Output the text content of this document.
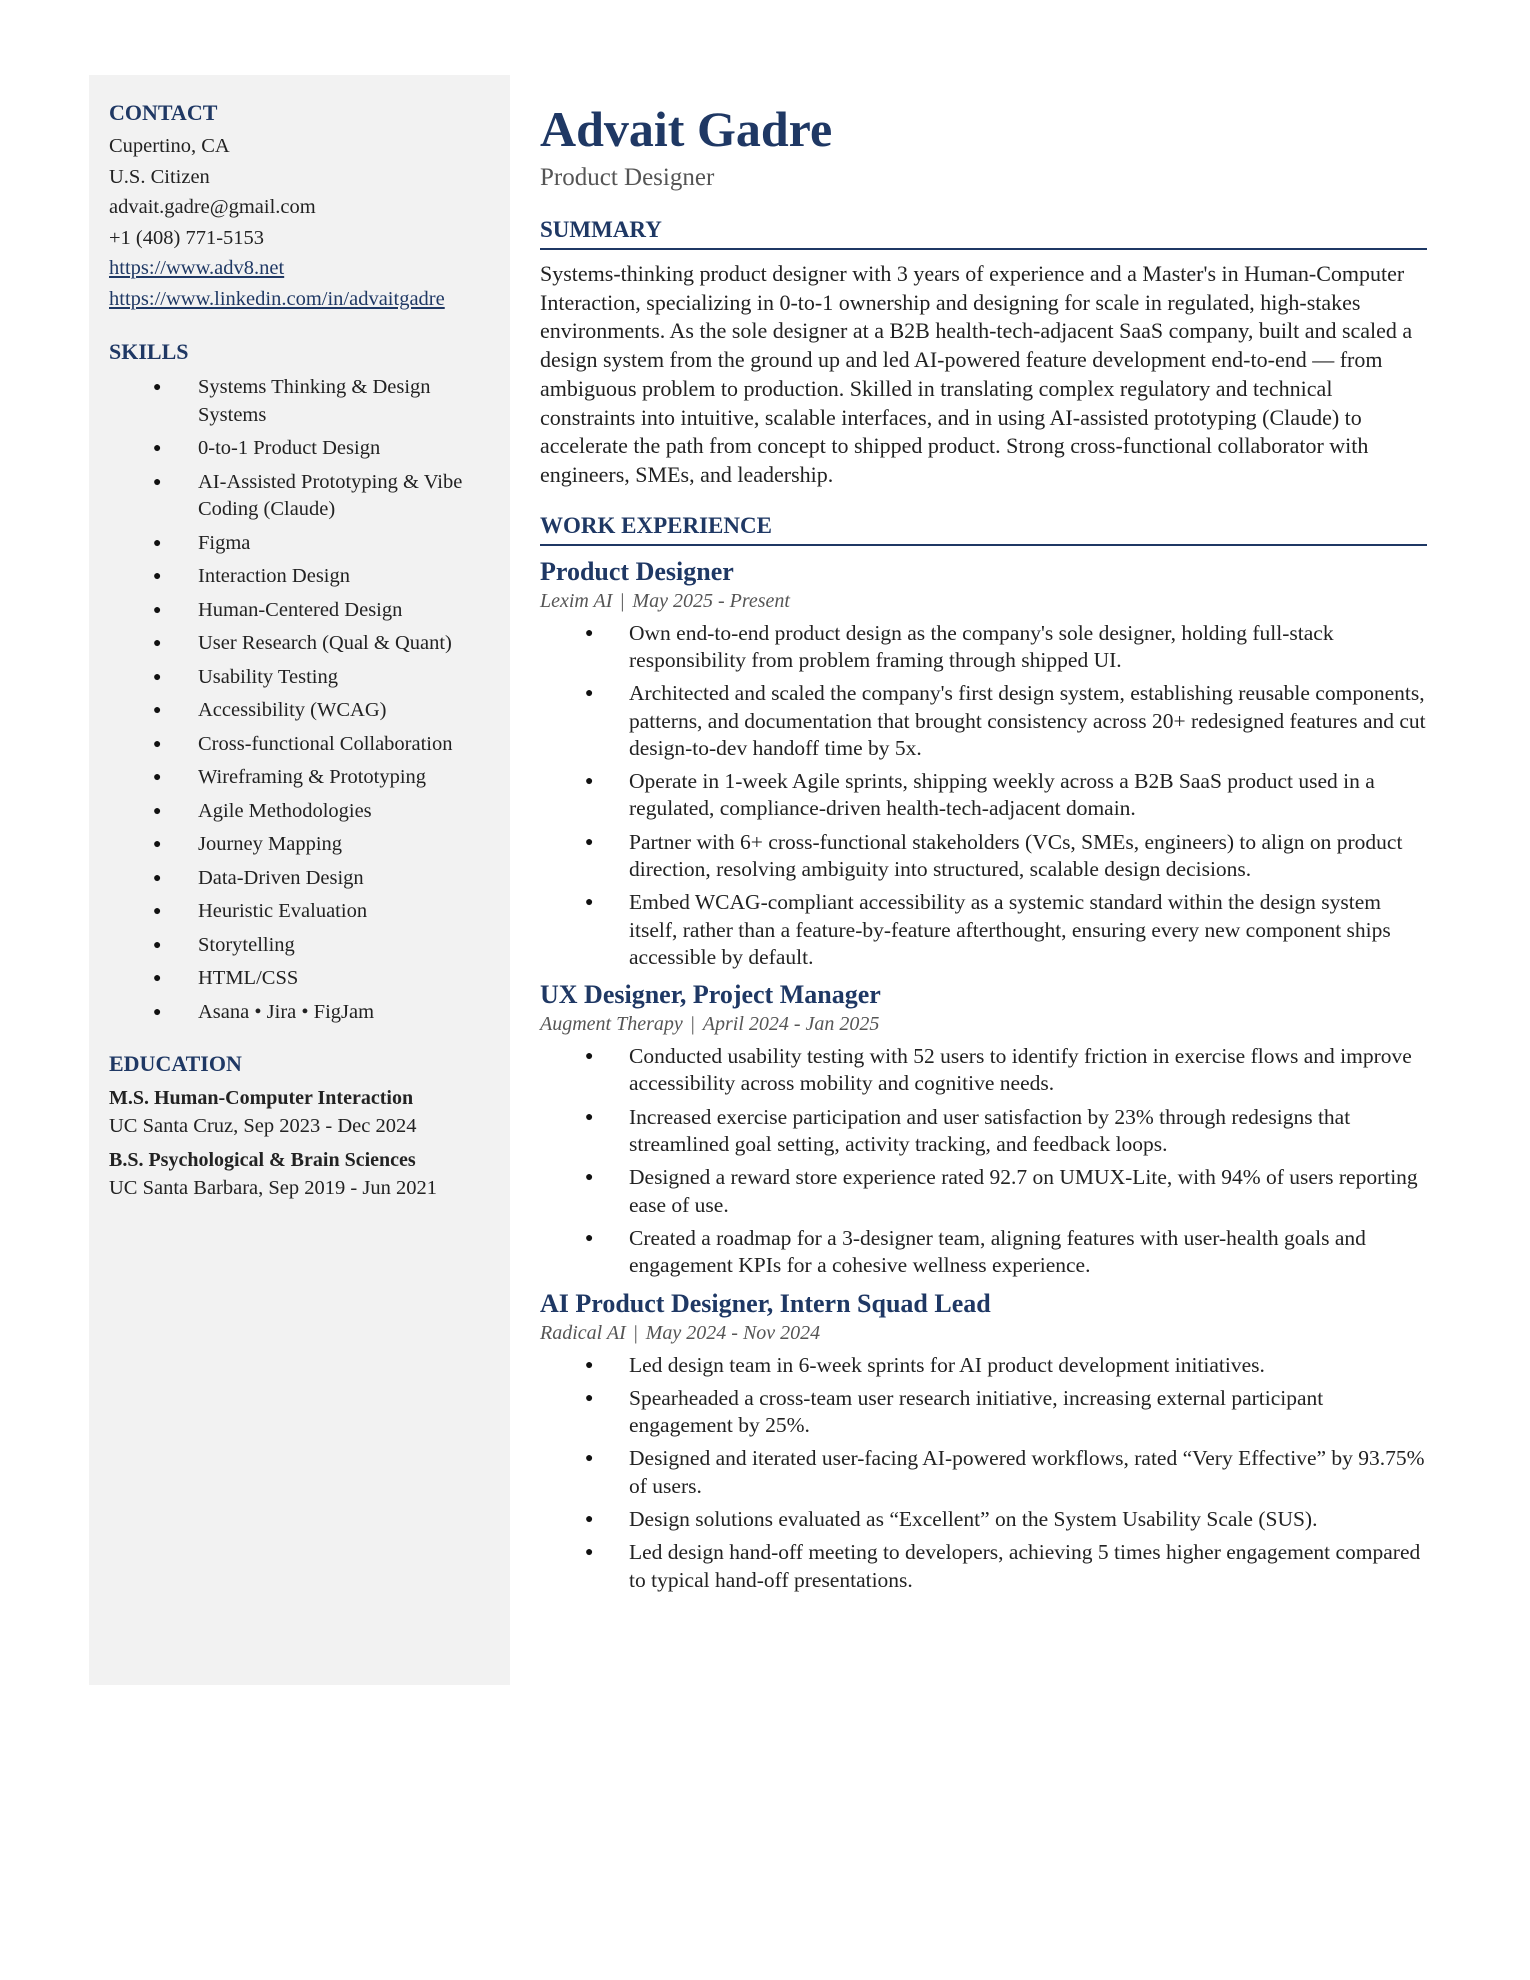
CONTACT
Cupertino, CA
U.S. Citizen
advait.gadre@gmail.com
+1 (408) 771-5153
https://www.adv8.net
https://www.linkedin.com/in/advaitgadre
SKILLS
● Systems Thinking & Design Systems
● 0-to-1 Product Design
● AI-Assisted Prototyping & Vibe Coding (Claude)
● Figma
● Interaction Design
● Human-Centered Design
● User Research (Qual & Quant)
● Usability Testing
● Accessibility (WCAG)
● Cross-functional Collaboration
● Wireframing & Prototyping
● Agile Methodologies
● Journey Mapping
● Data-Driven Design
● Heuristic Evaluation
● Storytelling
● HTML/CSS
● Asana • Jira • FigJam
EDUCATION
M.S. Human-Computer Interaction
UC Santa Cruz, Sep 2023 - Dec 2024
B.S. Psychological & Brain Sciences
UC Santa Barbara, Sep 2019 - Jun 2021
Advait Gadre
Product Designer
SUMMARY

Systems-thinking product designer with 3 years of experience and a Master's in Human-Computer Interaction, specializing in 0-to-1 ownership and designing for scale in regulated, high-stakes environments. As the sole designer at a B2B health-tech-adjacent SaaS company, built and scaled a design system from the ground up and led AI-powered feature development end-to-end — from ambiguous problem to production. Skilled in translating complex regulatory and technical constraints into intuitive, scalable interfaces, and in using AI-assisted prototyping (Claude) to accelerate the path from concept to shipped product. Strong cross-functional collaborator with engineers, SMEs, and leadership.

WORK EXPERIENCE
Product Designer
Lexim AI | May 2025 - Present
● Own end-to-end product design as the company's sole designer, holding full-stack responsibility from problem framing through shipped UI.
● Architected and scaled the company's first design system, establishing reusable components, patterns, and documentation that brought consistency across 20+ redesigned features and cut design-to-dev handoff time by 5x.
● Operate in 1-week Agile sprints, shipping weekly across a B2B SaaS product used in a regulated, compliance-driven health-tech-adjacent domain.
● Partner with 6+ cross-functional stakeholders (VCs, SMEs, engineers) to align on product direction, resolving ambiguity into structured, scalable design decisions.
● Embed WCAG-compliant accessibility as a systemic standard within the design system itself, rather than a feature-by-feature afterthought, ensuring every new component ships accessible by default.
UX Designer, Project Manager
Augment Therapy | April 2024 - Jan 2025
● Conducted usability testing with 52 users to identify friction in exercise flows and improve accessibility across mobility and cognitive needs.
● Increased exercise participation and user satisfaction by 23% through redesigns that streamlined goal setting, activity tracking, and feedback loops.
● Designed a reward store experience rated 92.7 on UMUX-Lite, with 94% of users reporting ease of use.
● Created a roadmap for a 3-designer team, aligning features with user-health goals and engagement KPIs for a cohesive wellness experience.
AI Product Designer, Intern Squad Lead
Radical AI | May 2024 - Nov 2024
● Led design team in 6-week sprints for AI product development initiatives.
● Spearheaded a cross-team user research initiative, increasing external participant engagement by 25%.
● Designed and iterated user-facing AI-powered workflows, rated “Very Effective” by 93.75% of users.
● Design solutions evaluated as “Excellent” on the System Usability Scale (SUS).
● Led design hand-off meeting to developers, achieving 5 times higher engagement compared to typical hand-off presentations.
